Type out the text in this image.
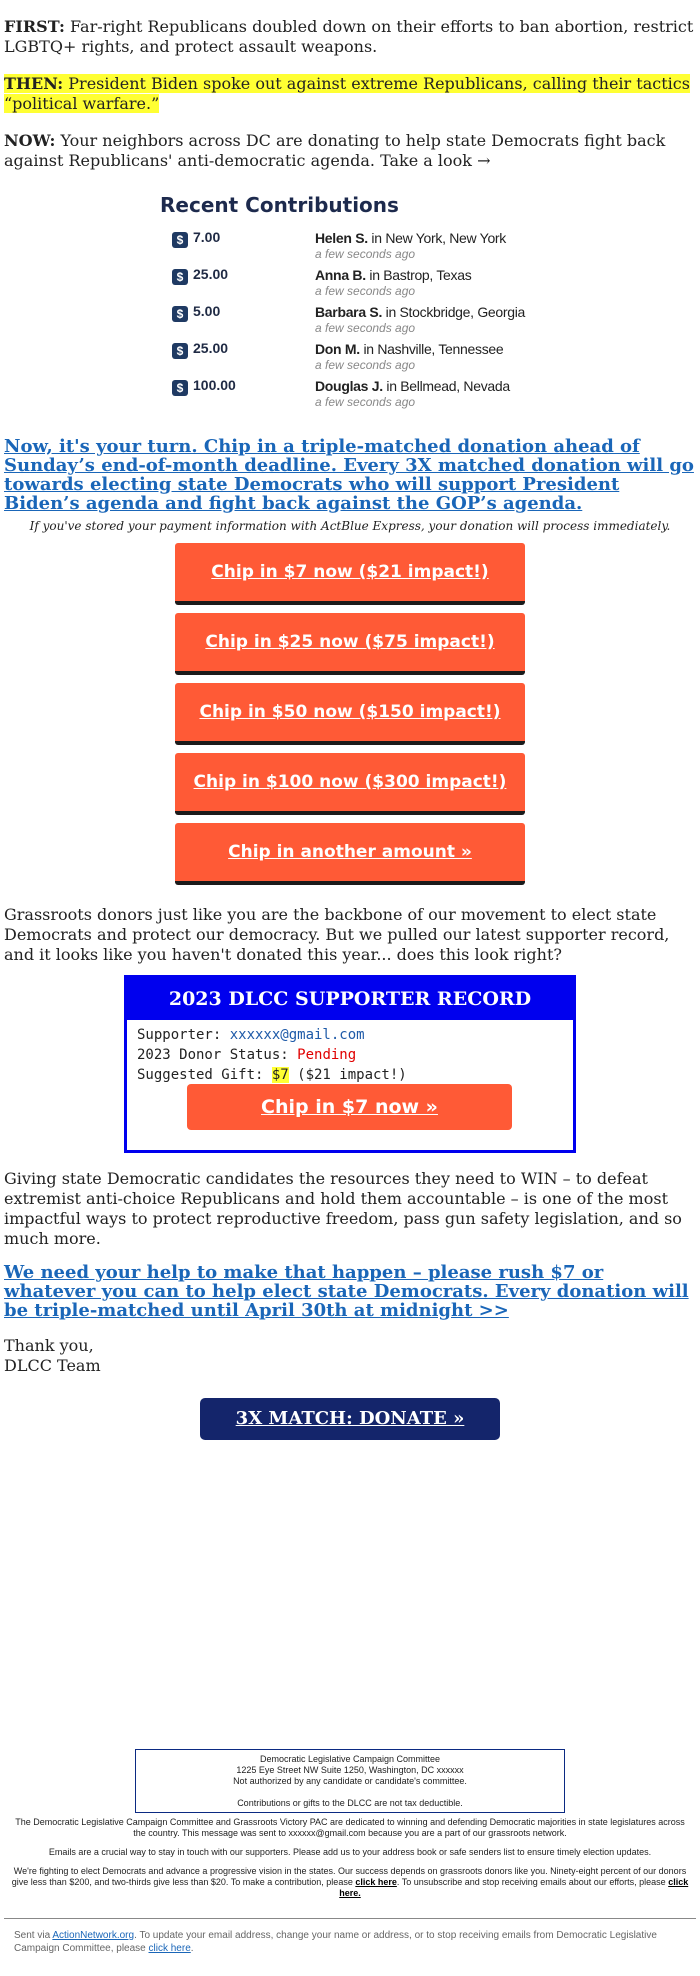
FIRST: Far-right Republicans doubled down on their efforts to ban abortion, restrict LGBTQ+ rights, and protect assault weapons.

THEN: President Biden spoke out against extreme Republicans, calling their tactics “political warfare.”

NOW: Your neighbors across DC are donating to help state Democrats fight back against Republicans' anti-democratic agenda. Take a look →

Recent Contributions
$ 7.00	Helen S. in New York, New York
a few seconds ago
$ 25.00	Anna B. in Bastrop, Texas
a few seconds ago
$ 5.00	Barbara S. in Stockbridge, Georgia
a few seconds ago
$ 25.00	Don M. in Nashville, Tennessee
a few seconds ago
$ 100.00	Douglas J. in Bellmead, Nevada
a few seconds ago
Now, it's your turn. Chip in a triple-matched donation ahead of Sunday’s end-of-month deadline. Every 3X matched donation will go towards electing state Democrats who will support President Biden’s agenda and fight back against the GOP’s agenda.

If you've stored your payment information with ActBlue Express, your donation will process immediately.

Chip in $7 now ($21 impact!)
Chip in $25 now ($75 impact!)
Chip in $50 now ($150 impact!)
Chip in $100 now ($300 impact!)
Chip in another amount »

Grassroots donors just like you are the backbone of our movement to elect state Democrats and protect our democracy. But we pulled our latest supporter record, and it looks like you haven't donated this year... does this look right?

2023 DLCC SUPPORTER RECORD
Supporter: xxxxxx@gmail.com
2023 Donor Status: Pending
Suggested Gift: $7 ($21 impact!)
Chip in $7 now »

Giving state Democratic candidates the resources they need to WIN – to defeat extremist anti-choice Republicans and hold them accountable – is one of the most impactful ways to protect reproductive freedom, pass gun safety legislation, and so much more.

We need your help to make that happen – please rush $7 or whatever you can to help elect state Democrats. Every donation will be triple-matched until April 30th at midnight >>

Thank you,

DLCC Team

3X MATCH: DONATE »
Democratic Legislative Campaign Committee
1225 Eye Street NW Suite 1250, Washington, DC xxxxxx
Not authorized by any candidate or candidate's committee.
Contributions or gifts to the DLCC are not tax deductible.

The Democratic Legislative Campaign Committee and Grassroots Victory PAC are dedicated to winning and defending Democratic majorities in state legislatures across the country. This message was sent to xxxxxx@gmail.com because you are a part of our grassroots network.

Emails are a crucial way to stay in touch with our supporters. Please add us to your address book or safe senders list to ensure timely election updates.

We're fighting to elect Democrats and advance a progressive vision in the states. Our success depends on grassroots donors like you. Ninety-eight percent of our donors give less than $200, and two-thirds give less than $20. To make a contribution, please click here. To unsubscribe and stop receiving emails about our efforts, please click here.

Sent via ActionNetwork.org. To update your email address, change your name or address, or to stop receiving emails from Democratic Legislative Campaign Committee, please click here.
